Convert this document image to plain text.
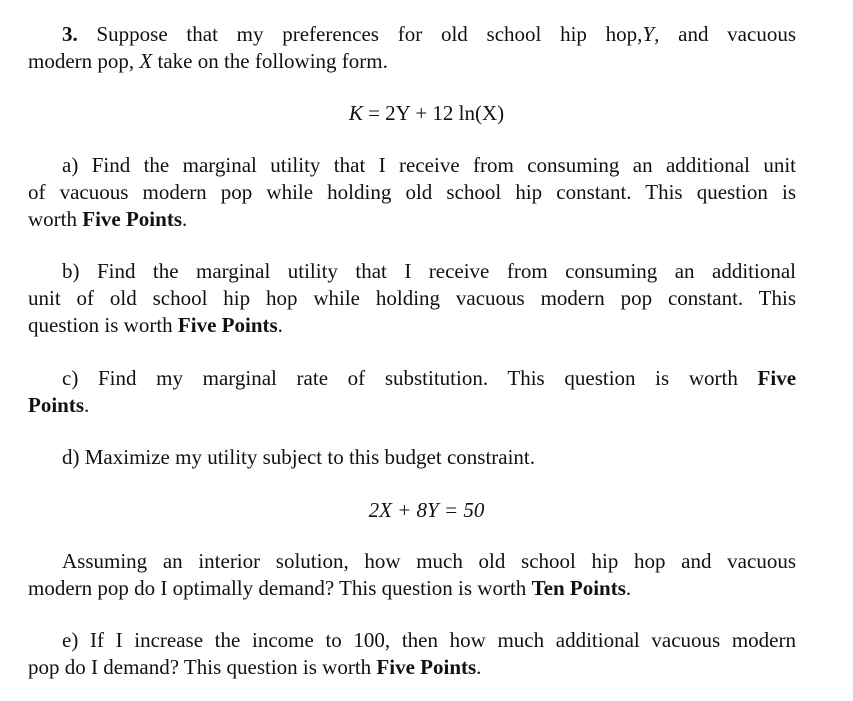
3. Suppose that my preferences for old school hip hop,Y, and vacuous
modern pop, X take on the following form.
K = 2Y + 12 ln(X)
a) Find the marginal utility that I receive from consuming an additional unit
of vacuous modern pop while holding old school hip constant. This question is
worth Five Points.
b) Find the marginal utility that I receive from consuming an additional
unit of old school hip hop while holding vacuous modern pop constant. This
question is worth Five Points.
c) Find my marginal rate of substitution. This question is worth Five
Points.
d) Maximize my utility subject to this budget constraint.
2X + 8Y = 50
Assuming an interior solution, how much old school hip hop and vacuous
modern pop do I optimally demand? This question is worth Ten Points.
e) If I increase the income to 100, then how much additional vacuous modern
pop do I demand? This question is worth Five Points.
